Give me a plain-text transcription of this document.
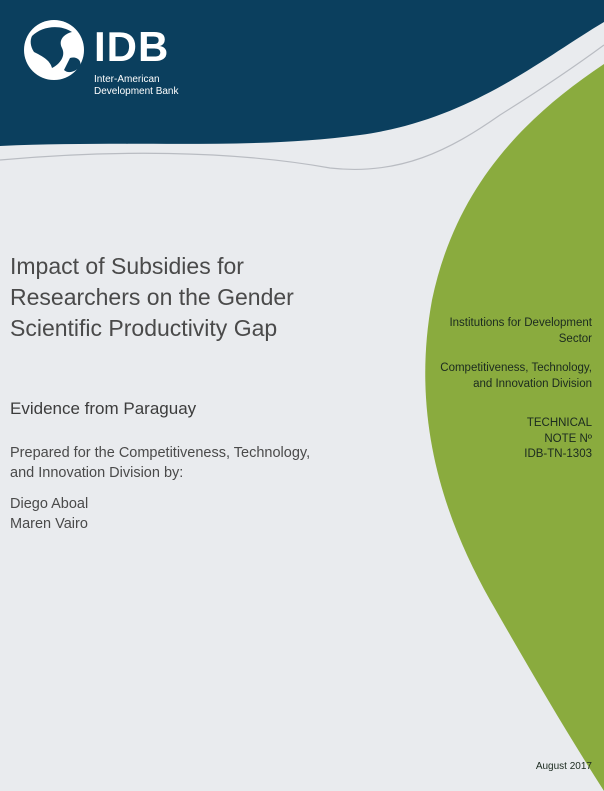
IDB
Inter-American
Development Bank
Impact of Subsidies for Researchers on the Gender Scientific Productivity Gap
Evidence from Paraguay
Prepared for the Competitiveness, Technology, and Innovation Division by:
Diego Aboal
Maren Vairo
Institutions for Development
Sector
Competitiveness, Technology,
and Innovation Division
TECHNICAL
NOTE Nº
IDB-TN-1303
August 2017
